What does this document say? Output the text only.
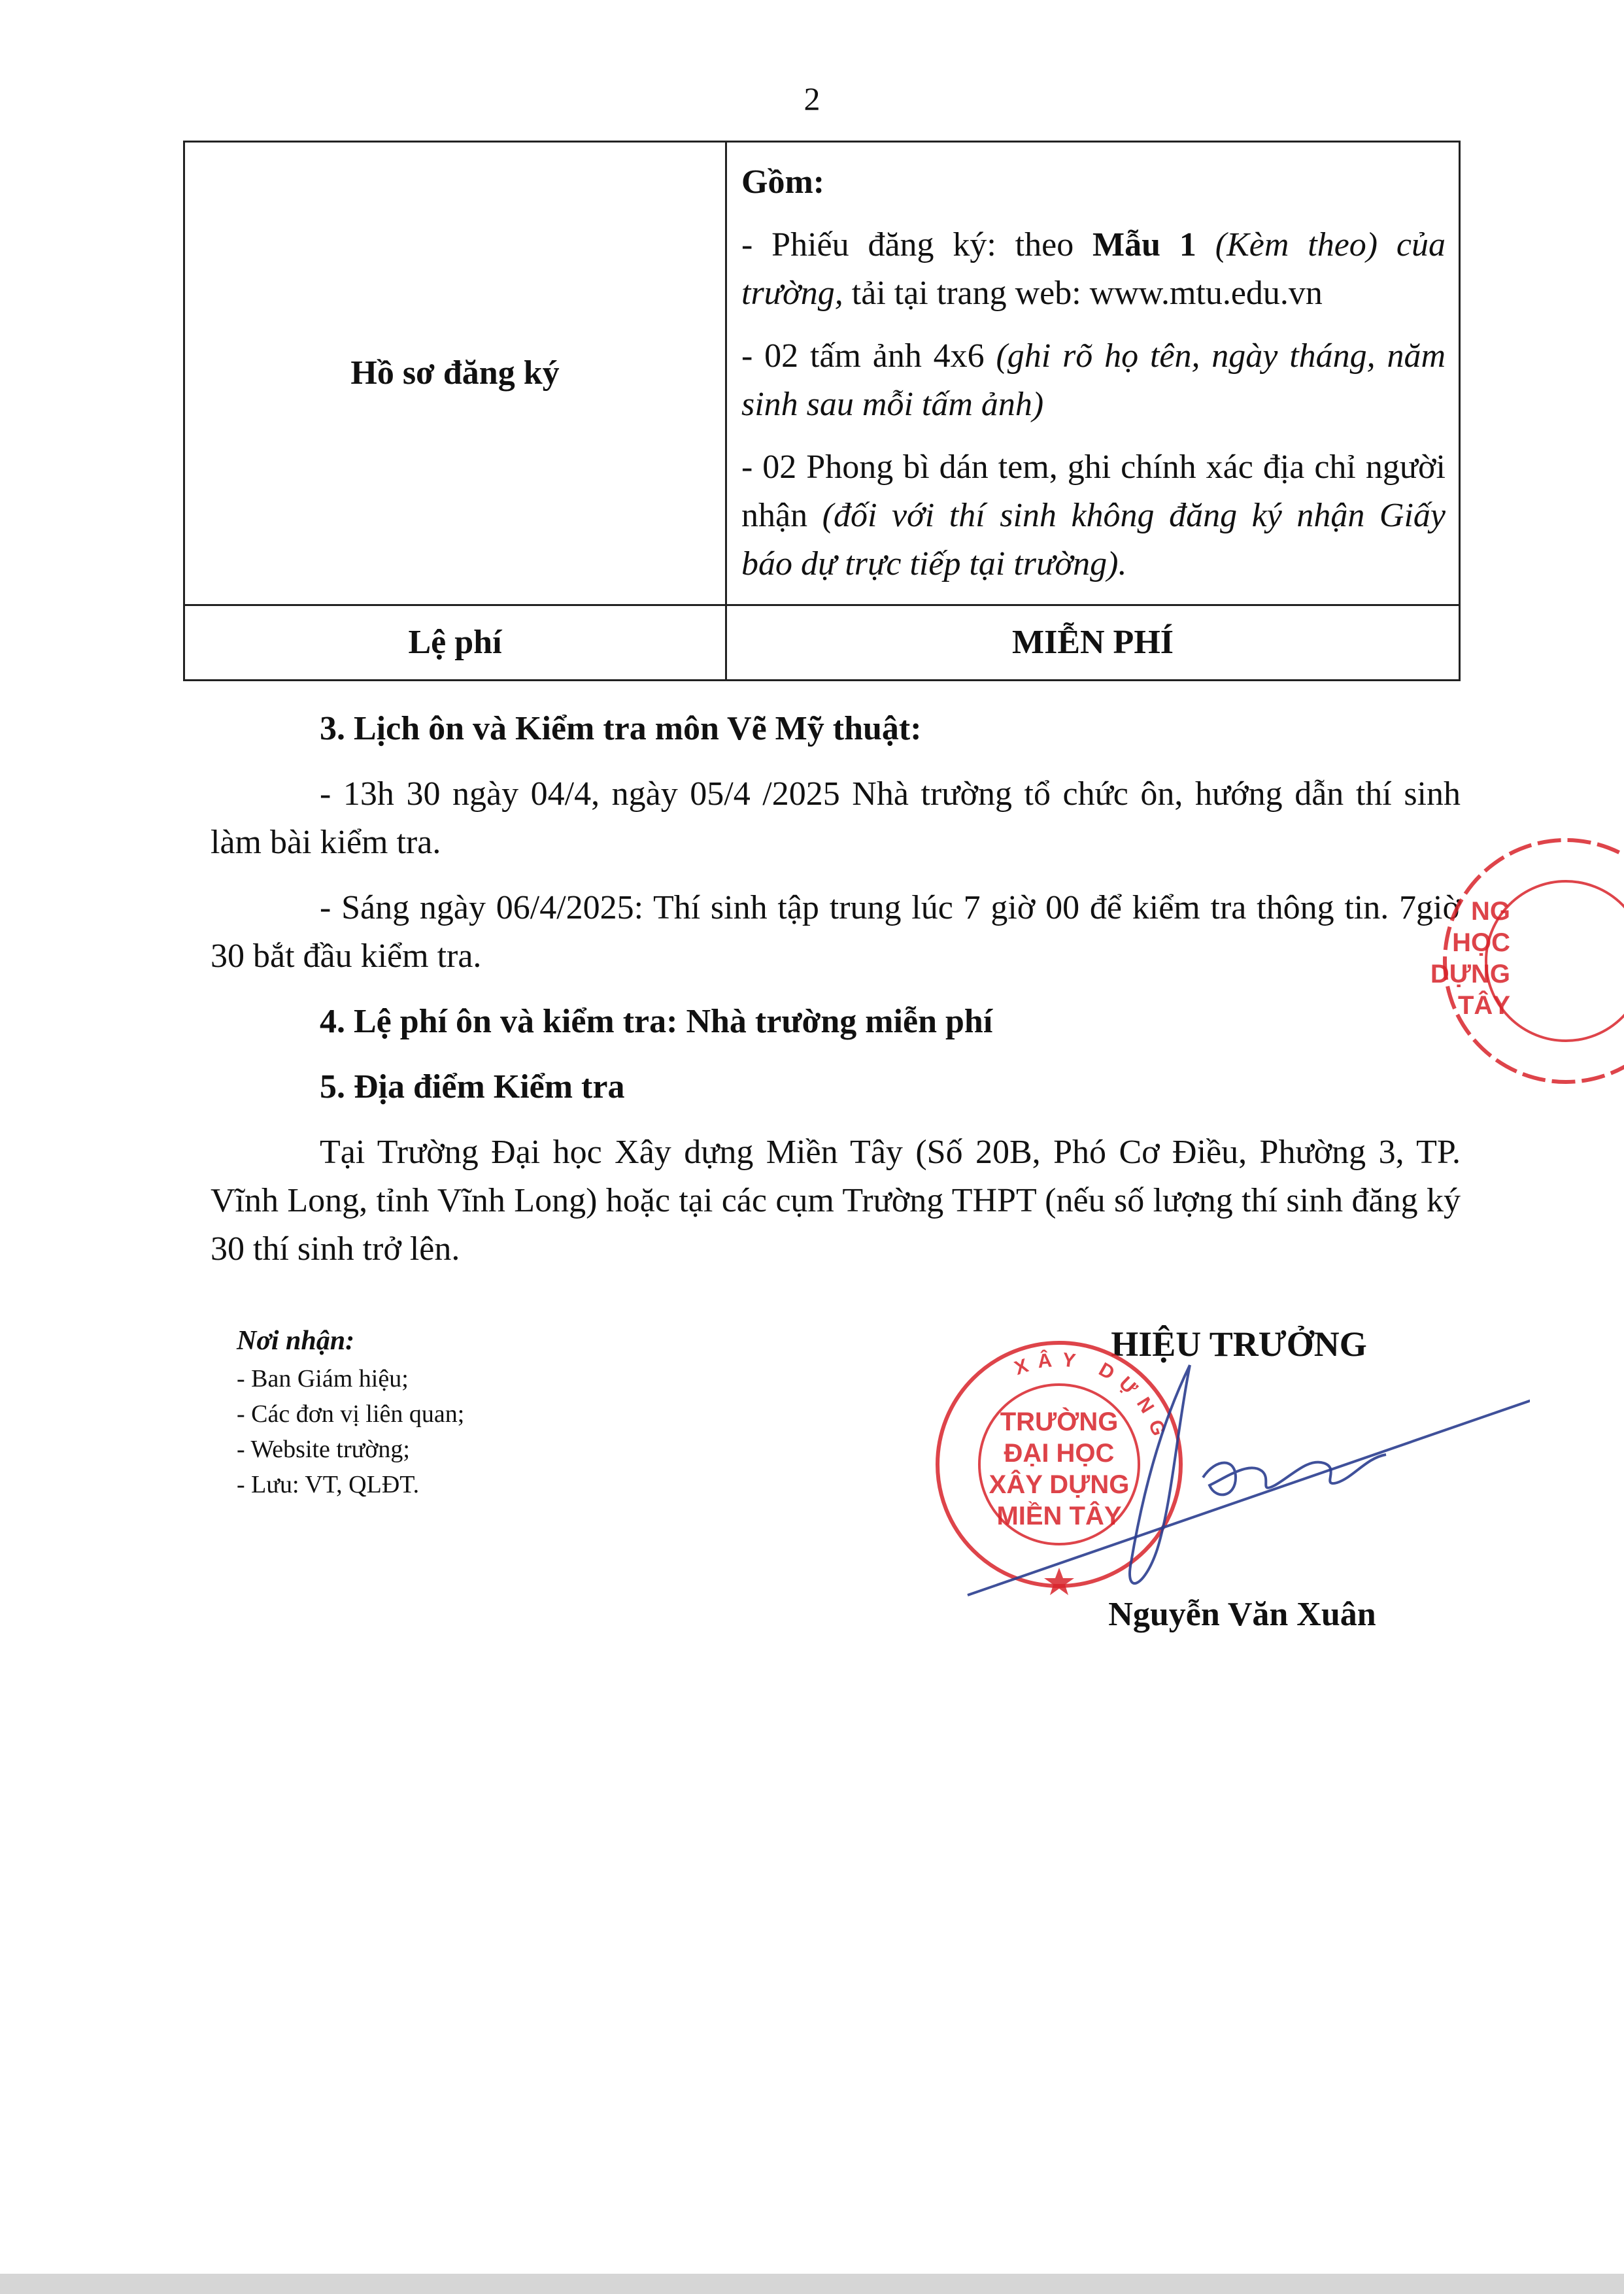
2
Hồ sơ đăng ký	Gồm:

- Phiếu đăng ký: theo Mẫu 1 (Kèm theo) của trường, tải tại trang web: www.mtu.edu.vn

- 02 tấm ảnh 4x6 (ghi rõ họ tên, ngày tháng, năm sinh sau mỗi tấm ảnh)

- 02 Phong bì dán tem, ghi chính xác địa chỉ người nhận (đối với thí sinh không đăng ký nhận Giấy báo dự trực tiếp tại trường).

Lệ phí	MIỄN PHÍ

3. Lịch ôn và Kiểm tra môn Vẽ Mỹ thuật:

- 13h 30 ngày 04/4, ngày 05/4 /2025 Nhà trường tổ chức ôn, hướng dẫn thí sinh làm bài kiểm tra.

- Sáng ngày 06/4/2025: Thí sinh tập trung lúc 7 giờ 00 để kiểm tra thông tin. 7giờ 30 bắt đầu kiểm tra.

4. Lệ phí ôn và kiểm tra: Nhà trường miễn phí

5. Địa điểm Kiểm tra

Tại Trường Đại học Xây dựng Miền Tây (Số 20B, Phó Cơ Điều, Phường 3, TP. Vĩnh Long, tỉnh Vĩnh Long) hoặc tại các cụm Trường THPT (nếu số lượng thí sinh đăng ký 30 thí sinh trở lên.

Nơi nhận:
- Ban Giám hiệu;
- Các đơn vị liên quan;
- Website trường;
- Lưu: VT, QLĐT.
HIỆU TRƯỞNG
XÂY DỰNG
TRƯỜNG
ĐẠI HỌC
XÂY DỰNG
MIỀN TÂY
Nguyễn Văn Xuân
NG
HỌC
DỰNG
TÂY
